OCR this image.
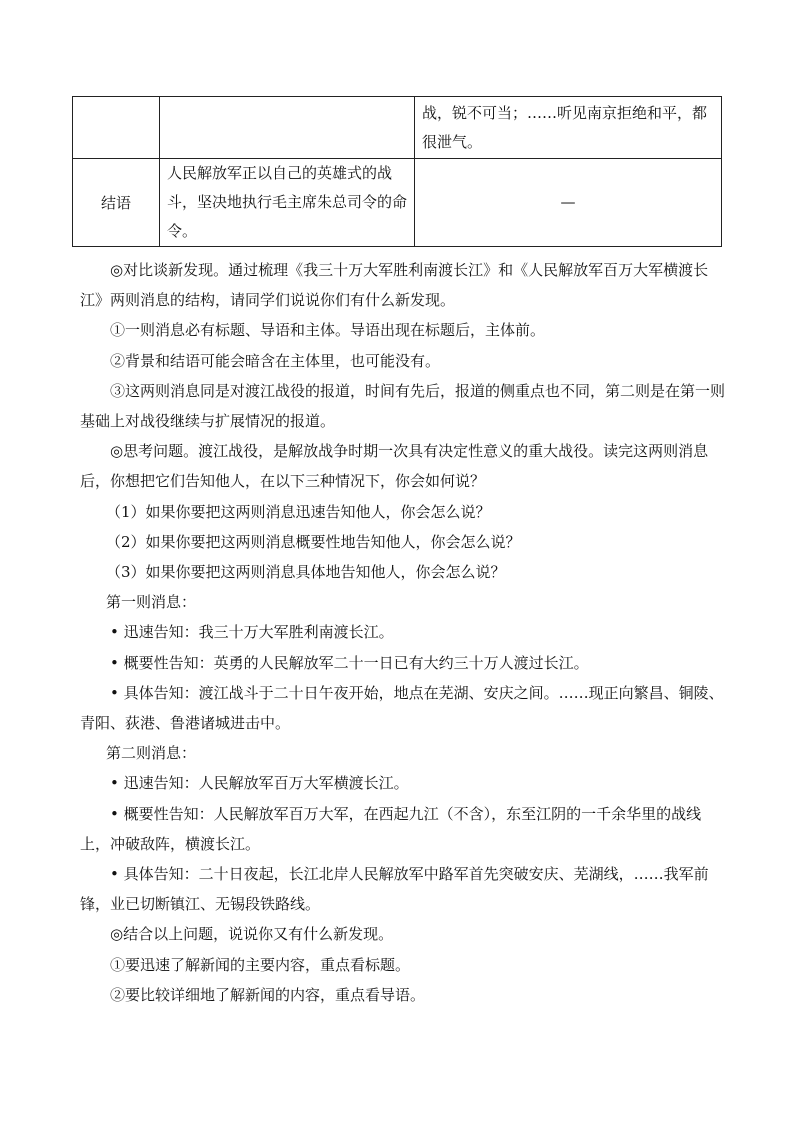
		战，锐不可当；……听见南京拒绝和平，都很泄气。
结语	人民解放军正以自己的英雄式的战斗，坚决地执行毛主席朱总司令的命令。	—

◎对比谈新发现。通过梳理《我三十万大军胜利南渡长江》和《人民解放军百万大军横渡长江》两则消息的结构，请同学们说说你们有什么新发现。

①一则消息必有标题、导语和主体。导语出现在标题后，主体前。

②背景和结语可能会暗含在主体里，也可能没有。

③这两则消息同是对渡江战役的报道，时间有先后，报道的侧重点也不同，第二则是在第一则基础上对战役继续与扩展情况的报道。

◎思考问题。渡江战役，是解放战争时期一次具有决定性意义的重大战役。读完这两则消息后，你想把它们告知他人，在以下三种情况下，你会如何说？

（1）如果你要把这两则消息迅速告知他人，你会怎么说？

（2）如果你要把这两则消息概要性地告知他人，你会怎么说？

（3）如果你要把这两则消息具体地告知他人，你会怎么说？

第一则消息：

• 迅速告知：我三十万大军胜利南渡长江。

• 概要性告知：英勇的人民解放军二十一日已有大约三十万人渡过长江。

• 具体告知：渡江战斗于二十日午夜开始，地点在芜湖、安庆之间。……现正向繁昌、铜陵、青阳、荻港、鲁港诸城进击中。

第二则消息：

• 迅速告知：人民解放军百万大军横渡长江。

• 概要性告知：人民解放军百万大军，在西起九江（不含），东至江阴的一千余华里的战线上，冲破敌阵，横渡长江。

• 具体告知：二十日夜起，长江北岸人民解放军中路军首先突破安庆、芜湖线，……我军前锋，业已切断镇江、无锡段铁路线。

◎结合以上问题，说说你又有什么新发现。

①要迅速了解新闻的主要内容，重点看标题。

②要比较详细地了解新闻的内容，重点看导语。
